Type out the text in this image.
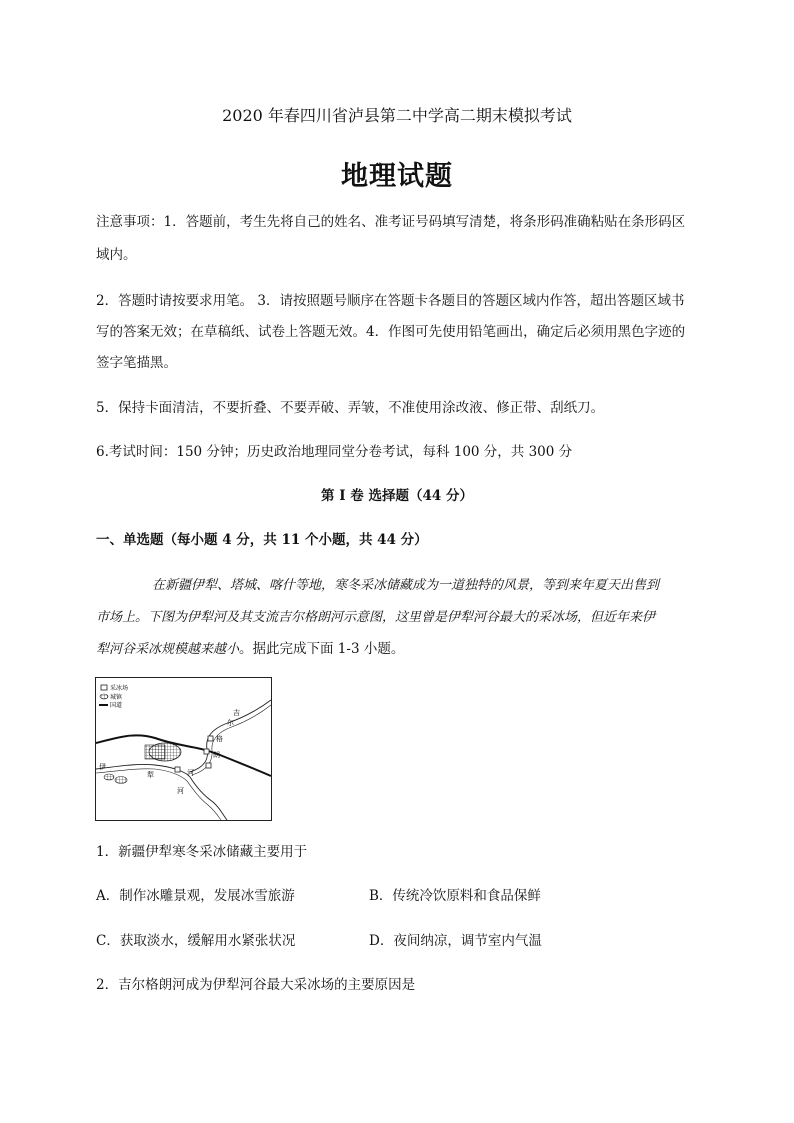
2020 年春四川省泸县第二中学高二期末模拟考试
地理试题
注意事项：1．答题前，考生先将自己的姓名、准考证号码填写清楚，将条形码准确粘贴在条形码区
域内。
2．答题时请按要求用笔。 3．请按照题号顺序在答题卡各题目的答题区域内作答，超出答题区域书
写的答案无效；在草稿纸、试卷上答题无效。4．作图可先使用铅笔画出，确定后必须用黑色字迹的
签字笔描黑。
5．保持卡面清洁，不要折叠、不要弄破、弄皱，不准使用涂改液、修正带、刮纸刀。
6.考试时间：150 分钟；历史政治地理同堂分卷考试，每科 100 分，共 300 分
第 I 卷 选择题（44 分）
一、单选题（每小题 4 分，共 11 个小题，共 44 分）
在新疆伊犁、塔城、喀什等地，寒冬采冰储藏成为一道独特的风景，等到来年夏天出售到
市场上。下图为伊犁河及其支流吉尔格朗河示意图，这里曾是伊犁河谷最大的采冰场，但近年来伊
犁河谷采冰规模越来越小。据此完成下面 1-3 小题。
采冰场
城镇
国道
吉
尔
格
朗
河
伊
犁
河
1．新疆伊犁寒冬采冰储藏主要用于
A．制作冰雕景观，发展冰雪旅游	B．传统冷饮原料和食品保鲜
C．获取淡水，缓解用水紧张状况	D．夜间纳凉，调节室内气温
2．吉尔格朗河成为伊犁河谷最大采冰场的主要原因是
